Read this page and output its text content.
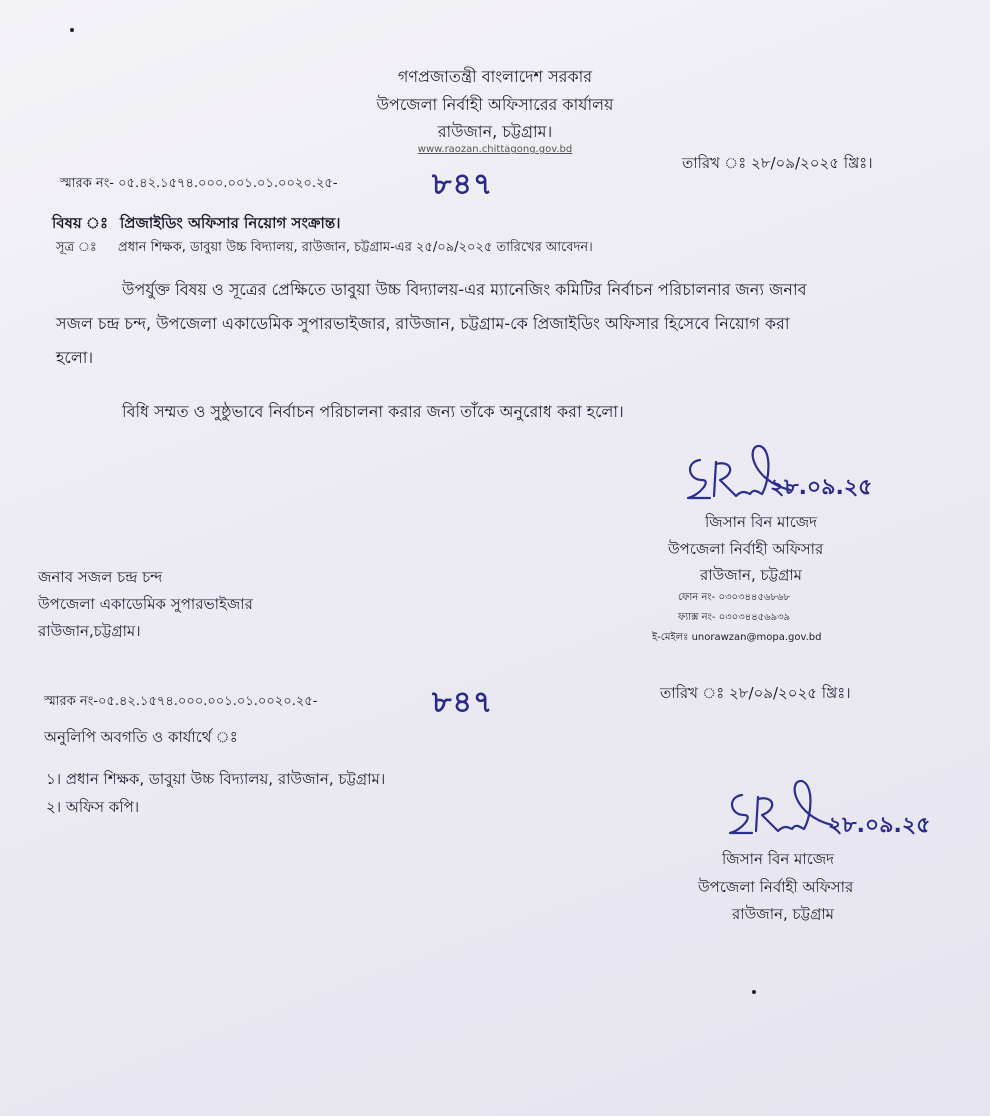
গণপ্রজাতন্ত্রী বাংলাদেশ সরকার
উপজেলা নির্বাহী অফিসারের কার্যালয়
রাউজান, চট্টগ্রাম।
www.raozan.chittagong.gov.bd
স্মারক নং- ০৫.৪২.১৫৭৪.০০০.০০১.০১.০০২০.২৫-	৮৪৭
তারিখ ঃ ২৮/০৯/২০২৫ খ্রিঃ।
বিষয় ঃ প্রিজাইডিং অফিসার নিয়োগ সংক্রান্ত।
সূত্র ঃ প্রধান শিক্ষক, ডাবুয়া উচ্চ বিদ্যালয়, রাউজান, চট্টগ্রাম-এর ২৫/০৯/২০২৫ তারিখের আবেদন।
উপর্যুক্ত বিষয় ও সূত্রের প্রেক্ষিতে ডাবুয়া উচ্চ বিদ্যালয়-এর ম্যানেজিং কমিটির নির্বাচন পরিচালনার জন্য জনাব
সজল চন্দ্র চন্দ, উপজেলা একাডেমিক সুপারভাইজার, রাউজান, চট্টগ্রাম-কে প্রিজাইডিং অফিসার হিসেবে নিয়োগ করা
হলো।
বিধি সম্মত ও সুষ্ঠুভাবে নির্বাচন পরিচালনা করার জন্য তাঁকে অনুরোধ করা হলো।
২৮.০৯.২৫
জিসান বিন মাজেদ
উপজেলা নির্বাহী অফিসার
রাউজান, চট্টগ্রাম
ফোন নং- ০৩০৩৪৪৫৬৮৬৮
ফ্যাক্স নং- ০৩০৩৪৪৫৬৯৩৯
ই-মেইলঃ unorawzan@mopa.gov.bd
জনাব সজল চন্দ্র চন্দ
উপজেলা একাডেমিক সুপারভাইজার
রাউজান,চট্টগ্রাম।
স্মারক নং-০৫.৪২.১৫৭৪.০০০.০০১.০১.০০২০.২৫-	৮৪৭	তারিখ ঃ ২৮/০৯/২০২৫ খ্রিঃ।
অনুলিপি অবগতি ও কার্যার্থে ঃ
১। প্রধান শিক্ষক, ডাবুয়া উচ্চ বিদ্যালয়, রাউজান, চট্টগ্রাম।
২। অফিস কপি।
২৮.০৯.২৫
জিসান বিন মাজেদ
উপজেলা নির্বাহী অফিসার
রাউজান, চট্টগ্রাম
